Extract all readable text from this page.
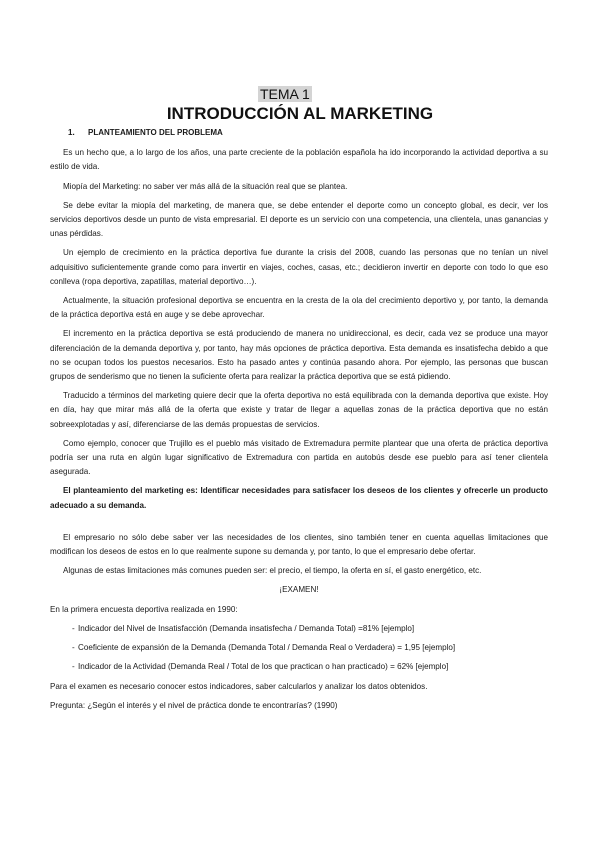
TEMA 1
INTRODUCCIÓN AL MARKETING

1. PLANTEAMIENTO DEL PROBLEMA

Es un hecho que, a lo largo de los años, una parte creciente de la población española ha ido incorporando la actividad deportiva a su estilo de vida.

Miopía del Marketing: no saber ver más allá de la situación real que se plantea.

Se debe evitar la miopía del marketing, de manera que, se debe entender el deporte como un concepto global, es decir, ver los servicios deportivos desde un punto de vista empresarial. El deporte es un servicio con una competencia, una clientela, unas ganancias y unas pérdidas.

Un ejemplo de crecimiento en la práctica deportiva fue durante la crisis del 2008, cuando las personas que no tenían un nivel adquisitivo suficientemente grande como para invertir en viajes, coches, casas, etc.; decidieron invertir en deporte con todo lo que eso conlleva (ropa deportiva, zapatillas, material deportivo…).

Actualmente, la situación profesional deportiva se encuentra en la cresta de la ola del crecimiento deportivo y, por tanto, la demanda de la práctica deportiva está en auge y se debe aprovechar.

El incremento en la práctica deportiva se está produciendo de manera no unidireccional, es decir, cada vez se produce una mayor diferenciación de la demanda deportiva y, por tanto, hay más opciones de práctica deportiva. Esta demanda es insatisfecha debido a que no se ocupan todos los puestos necesarios. Esto ha pasado antes y continúa pasando ahora. Por ejemplo, las personas que buscan grupos de senderismo que no tienen la suficiente oferta para realizar la práctica deportiva que se está pidiendo.

Traducido a términos del marketing quiere decir que la oferta deportiva no está equilibrada con la demanda deportiva que existe. Hoy en día, hay que mirar más allá de la oferta que existe y tratar de llegar a aquellas zonas de la práctica deportiva que no están sobreexplotadas y así, diferenciarse de las demás propuestas de servicios.

Como ejemplo, conocer que Trujillo es el pueblo más visitado de Extremadura permite plantear que una oferta de práctica deportiva podría ser una ruta en algún lugar significativo de Extremadura con partida en autobús desde ese pueblo para así tener clientela asegurada.

El planteamiento del marketing es: Identificar necesidades para satisfacer los deseos de los clientes y ofrecerle un producto adecuado a su demanda.

El empresario no sólo debe saber ver las necesidades de los clientes, sino también tener en cuenta aquellas limitaciones que modifican los deseos de estos en lo que realmente supone su demanda y, por tanto, lo que el empresario debe ofertar.

Algunas de estas limitaciones más comunes pueden ser: el precio, el tiempo, la oferta en sí, el gasto energético, etc.

¡EXAMEN!

En la primera encuesta deportiva realizada en 1990:

- Indicador del Nivel de Insatisfacción (Demanda insatisfecha / Demanda Total) =81% [ejemplo]
- Coeficiente de expansión de la Demanda (Demanda Total / Demanda Real o Verdadera) = 1,95 [ejemplo]
- Indicador de la Actividad (Demanda Real / Total de los que practican o han practicado) = 62% [ejemplo]

Para el examen es necesario conocer estos indicadores, saber calcularlos y analizar los datos obtenidos.

Pregunta: ¿Según el interés y el nivel de práctica donde te encontrarías? (1990)
